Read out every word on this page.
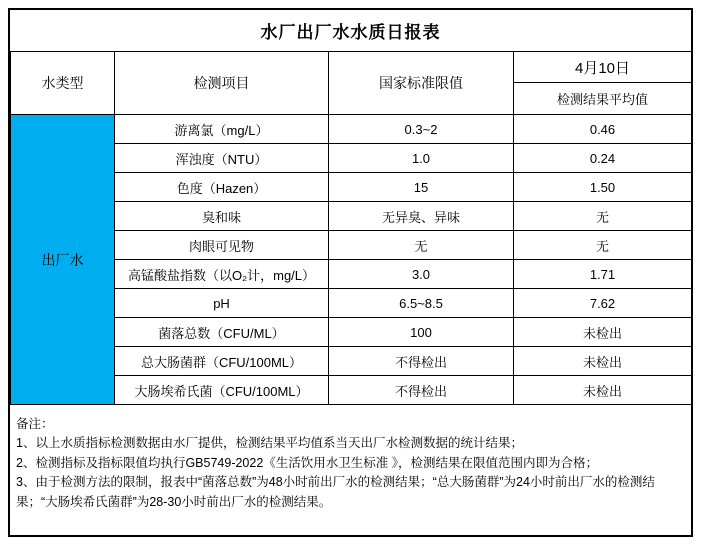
水厂出厂水水质日报表
水类型	检测项目	国家标准限值	4月10日
			检测结果平均值
出厂水	游离氯（mg/L）	0.3~2	0.46
	浑浊度（NTU）	1.0	0.24
	色度（Hazen）	15	1.50
	臭和味	无异臭、异味	无
	肉眼可见物	无	无
	高锰酸盐指数（以O₂计，mg/L）	3.0	1.71
	pH	6.5~8.5	7.62
	菌落总数（CFU/ML）	100	未检出
	总大肠菌群（CFU/100ML）	不得检出	未检出
	大肠埃希氏菌（CFU/100ML）	不得检出	未检出

备注：

1、以上水质指标检测数据由水厂提供，检测结果平均值系当天出厂水检测数据的统计结果；

2、检测指标及指标限值均执行GB5749-2022《生活饮用水卫生标准 》，检测结果在限值范围内即为合格；

3、由于检测方法的限制，报表中“菌落总数”为48小时前出厂水的检测结果；“总大肠菌群”为24小时前出厂水的检测结果；“大肠埃希氏菌群”为28-30小时前出厂水的检测结果。
